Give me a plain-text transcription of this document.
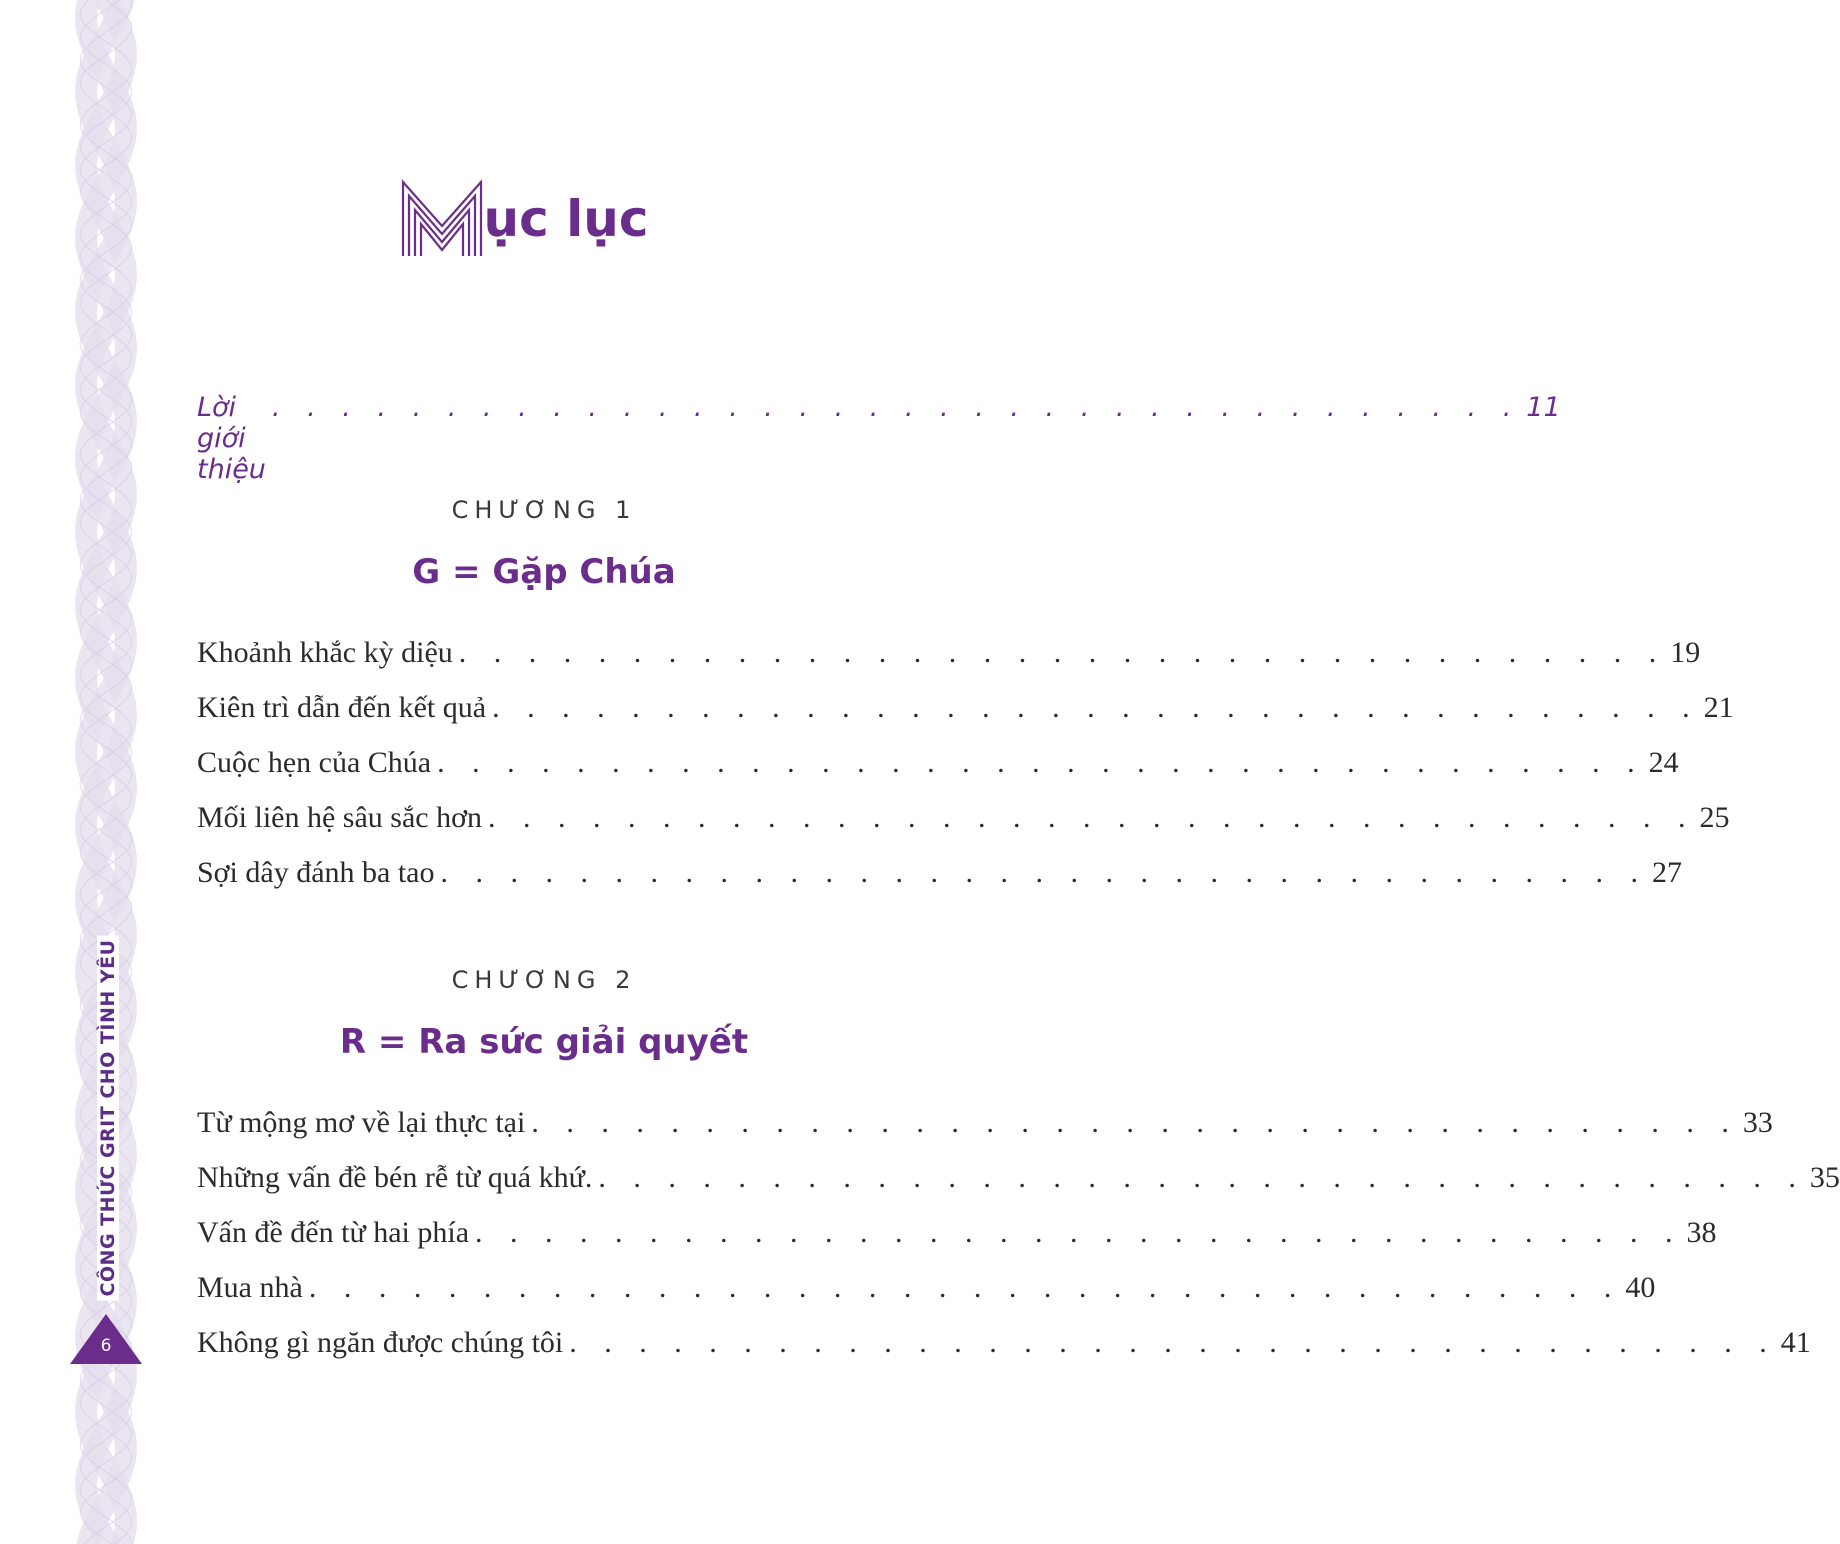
CÔNG THỨC GRIT CHO TÌNH YÊU
6
ục lục
Lời giới thiệu
. . . . . . . . . . . . . . . . . . . . . . . . . . . . . . . . . . . . 11
CHƯƠNG 1
G = Gặp Chúa
Khoảnh khắc kỳ diệu . . . . . . . . . . . . . . . . . . . . . . . . . . . . . . . . . . . 19
Kiên trì dẫn đến kết quả . . . . . . . . . . . . . . . . . . . . . . . . . . . . . . . . . . . 21
Cuộc hẹn của Chúa . . . . . . . . . . . . . . . . . . . . . . . . . . . . . . . . . . . 24
Mối liên hệ sâu sắc hơn . . . . . . . . . . . . . . . . . . . . . . . . . . . . . . . . . . . 25
Sợi dây đánh ba tao . . . . . . . . . . . . . . . . . . . . . . . . . . . . . . . . . . . 27
CHƯƠNG 2
R = Ra sức giải quyết
Từ mộng mơ về lại thực tại . . . . . . . . . . . . . . . . . . . . . . . . . . . . . . . . . . . 33
Những vấn đề bén rễ từ quá khứ. . . . . . . . . . . . . . . . . . . . . . . . . . . . . . . . . . . . 35
Vấn đề đến từ hai phía . . . . . . . . . . . . . . . . . . . . . . . . . . . . . . . . . . . 38
Mua nhà . . . . . . . . . . . . . . . . . . . . . . . . . . . . . . . . . . . . . . 40
Không gì ngăn được chúng tôi . . . . . . . . . . . . . . . . . . . . . . . . . . . . . . . . . . . 41
